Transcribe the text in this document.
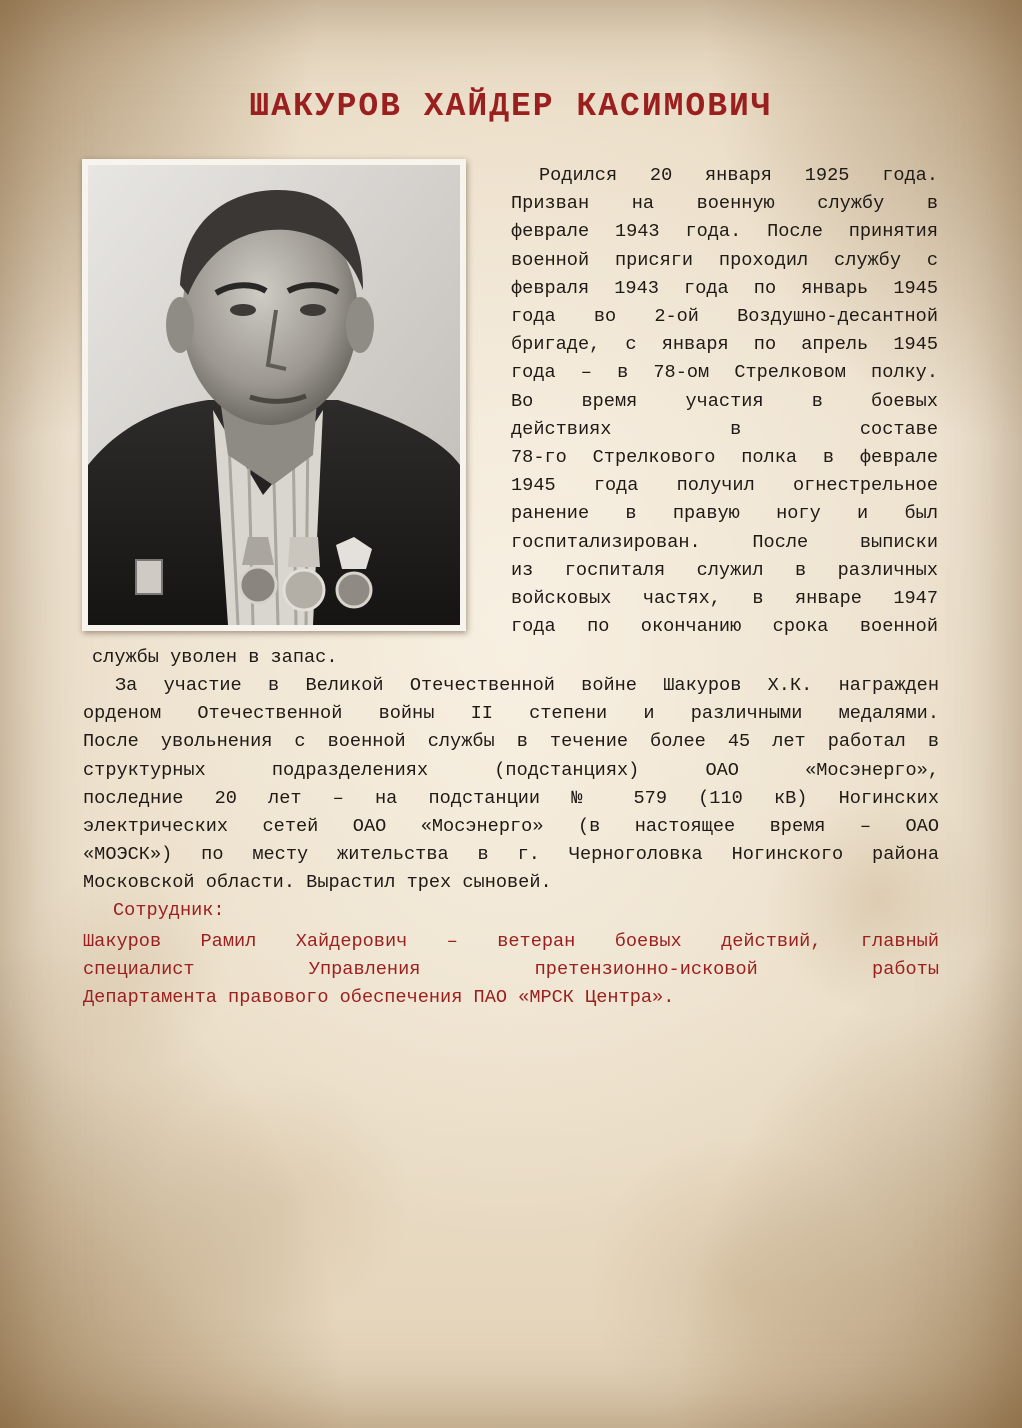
ШАКУРОВ ХАЙДЕР КАСИМОВИЧ
Родился 20 января 1925 года.
Призван на военную службу в
феврале 1943 года. После принятия
военной присяги проходил службу с
февраля 1943 года по январь 1945
года во 2-ой Воздушно-десантной
бригаде, с января по апрель 1945
года – в 78-ом Стрелковом полку.
Во время участия в боевых
действиях в составе
78-го Стрелкового полка в феврале
1945 года получил огнестрельное
ранение в правую ногу и был
госпитализирован. После выписки
из госпиталя служил в различных
войсковых частях, в январе 1947
года по окончанию срока военной

службы уволен в запас.

За участие в Великой Отечественной войне Шакуров Х.К. награжден
орденом Отечественной войны II степени и различными медалями.
После увольнения с военной службы в течение более 45 лет работал в
структурных подразделениях (подстанциях) ОАО «Мосэнерго»,
последние 20 лет – на подстанции № 579 (110 кВ) Ногинских
электрических сетей ОАО «Мосэнерго» (в настоящее время – ОАО
«МОЭСК») по месту жительства в г. Черноголовка Ногинского района
Московской области. Вырастил трех сыновей.

Сотрудник:

Шакуров Рамил Хайдерович – ветеран боевых действий, главный
специалист Управления претензионно-исковой работы
Департамента правового обеспечения ПАО «МРСК Центра».
